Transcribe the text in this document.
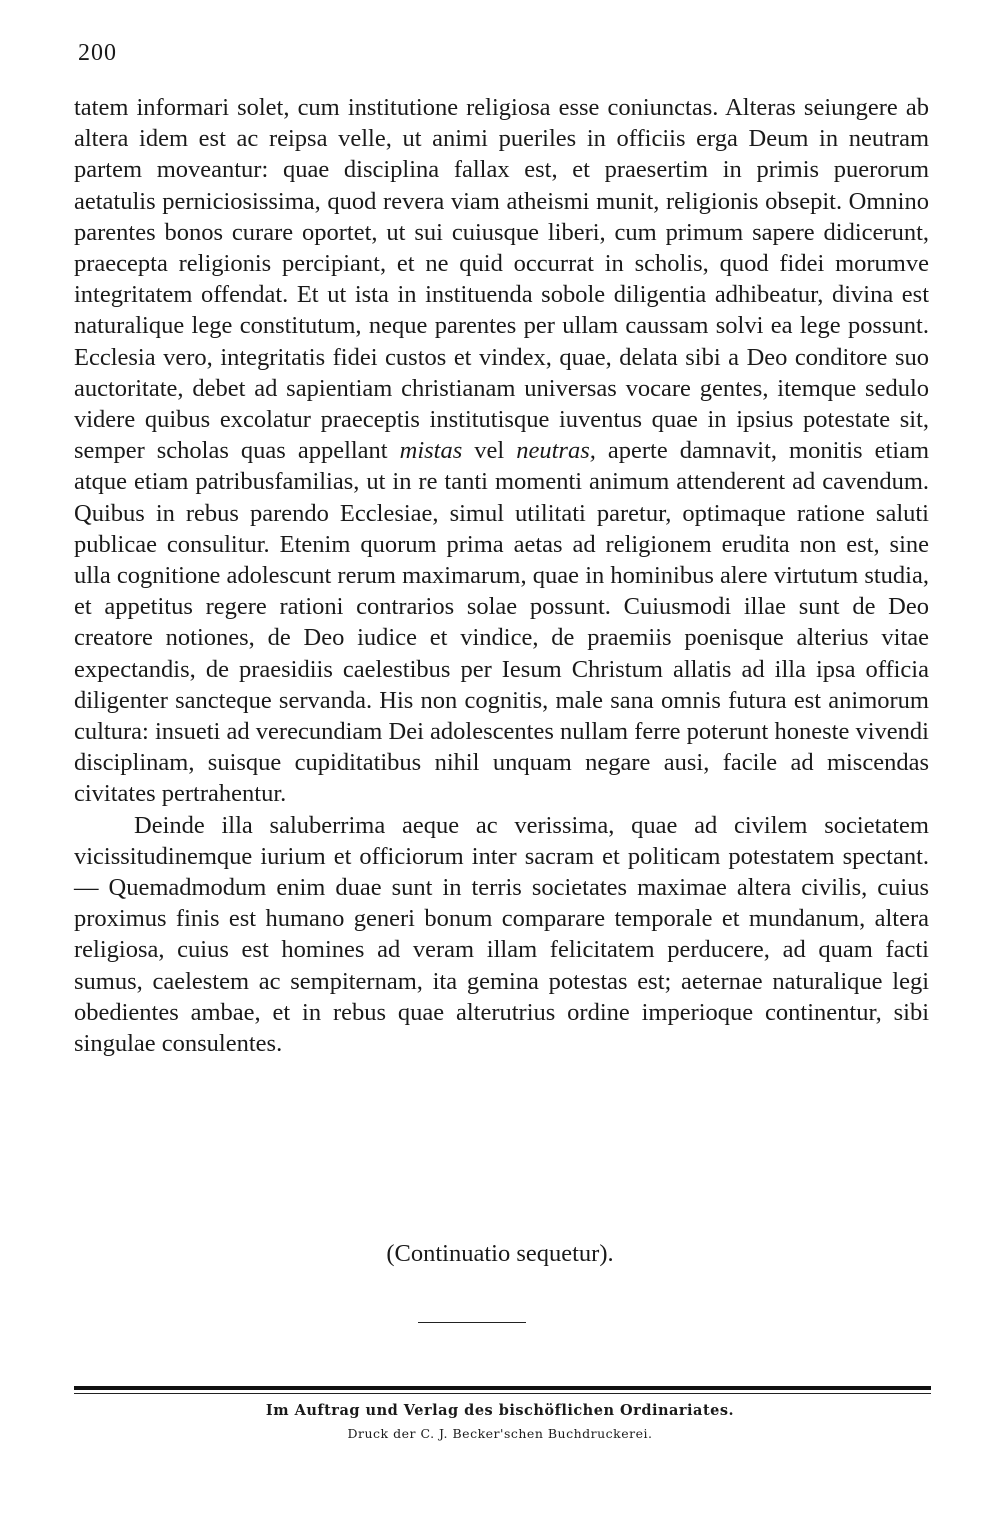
200

tatem informari solet, cum institutione religiosa esse coniunctas. Alteras seiungere ab altera idem est ac reipsa velle, ut animi pueriles in officiis erga Deum in neutram partem moveantur: quae disciplina fallax est, et praesertim in primis puerorum aetatulis perniciosissima, quod revera viam atheismi munit, religionis obsepit. Omnino parentes bonos curare oportet, ut sui cuiusque liberi, cum primum sapere didicerunt, praecepta religionis percipiant, et ne quid occurrat in scholis, quod fidei morumve integritatem offendat. Et ut ista in instituenda sobole diligentia adhibeatur, divina est naturalique lege constitutum, neque parentes per ullam caussam solvi ea lege possunt. Ecclesia vero, integritatis fidei custos et vindex, quae, delata sibi a Deo conditore suo auctoritate, debet ad sapientiam christianam universas vocare gentes, itemque sedulo videre quibus excolatur praeceptis institutisque iuventus quae in ipsius potestate sit, semper scholas quas appellant mistas vel neutras, aperte damnavit, monitis etiam atque etiam patribusfamilias, ut in re tanti momenti animum attenderent ad cavendum. Quibus in rebus parendo Ecclesiae, simul utilitati paretur, optimaque ratione saluti publicae consulitur. Etenim quorum prima aetas ad religionem erudita non est, sine ulla cognitione adolescunt rerum maximarum, quae in hominibus alere virtutum studia, et appetitus regere rationi contrarios solae possunt. Cuiusmodi illae sunt de Deo creatore notiones, de Deo iudice et vindice, de praemiis poenisque alterius vitae expectandis, de praesidiis caelestibus per Iesum Christum allatis ad illa ipsa officia diligenter sancteque servanda. His non cognitis, male sana omnis futura est animorum cultura: insueti ad verecundiam Dei adolescentes nullam ferre poterunt honeste vivendi disciplinam, suisque cupiditatibus nihil unquam negare ausi, facile ad miscendas civitates pertrahentur.

Deinde illa saluberrima aeque ac verissima, quae ad civilem societatem vicissitudinemque iurium et officiorum inter sacram et politicam potestatem spectant. — Quemadmodum enim duae sunt in terris societates maximae altera civilis, cuius proximus finis est humano generi bonum comparare temporale et mundanum, altera religiosa, cuius est homines ad veram illam felicitatem perducere, ad quam facti sumus, caelestem ac sempiternam, ita gemina potestas est; aeternae naturalique legi obedientes ambae, et in rebus quae alterutrius ordine imperioque continentur, sibi singulae consulentes.

(Continuatio sequetur).
Im Auftrag und Verlag des bischöflichen Ordinariates.
Druck der C. J. Becker'schen Buchdruckerei.
